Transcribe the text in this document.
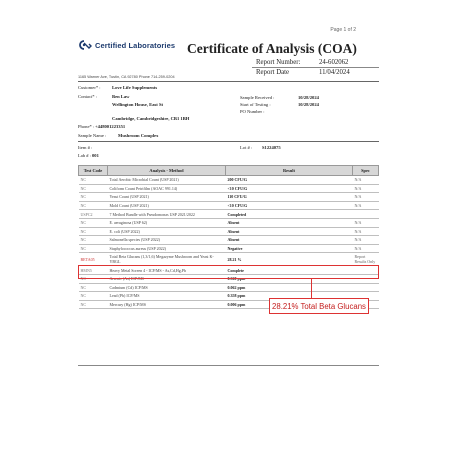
Page 1 of 2
Certified Laboratories Certificate of Analysis (COA)
Report Number:	24-602062
Report Date	11/04/2024
1165 Warner Ave, Tustin, CA 92780 Phone 714-259-0204
Customer* : Love Life Supplements
Contact* :	Ben Law
Wellington House, East St
Cambridge, Cambridgeshire, CB1 1BH
Phone* : +448001223351
Sample Received :	10/28/2024
Start of Testing :	10/28/2024
PO Number :
Sample Name :	Mushroom Complex
Item # :	Lot # : S1224075
Lab # : 001
Test Code	Analysis - Method	Result	Spec
NC	Total Aerobic Microbial Count (USP 2021)	200 CFU/G	N/A
NC	Coliform Count Petrifilm (AOAC 991.14)	<10 CFU/G	N/A
NC	Yeast Count (USP 2021)	110 CFU/G	N/A
NC	Mold Count (USP 2021)	<10 CFU/G	N/A
USPC2	7 Method Bundle with Pseudomonas USP 2021/2022	Completed	
NC	E. aeruginosa (USP 62)	Absent	N/A
NC	E. coli (USP 2022)	Absent	N/A
NC	Salmonella species (USP 2022)	Absent	N/A
NC	Staphylococcus aureus (USP 2022)	Negative	N/A
BETA05	Total Beta Glucans (1,3/1,6) Megazyme Mushroom and Yeast K-YBGL	28.21 %	Report Results Only
HMN5	Heavy Metal Screen 4 - ICP/MS - As,Cd,Hg,Pb	Complete	
NC	Arsenic (As) ICP/MS	0.360 ppm	
NC	Cadmium (Cd) ICP/MS	0.062 ppm	
NC	Lead (Pb) ICP/MS	0.358 ppm	
NC	Mercury (Hg) ICP/MS	0.006 ppm		28.21% Total Beta Glucans
